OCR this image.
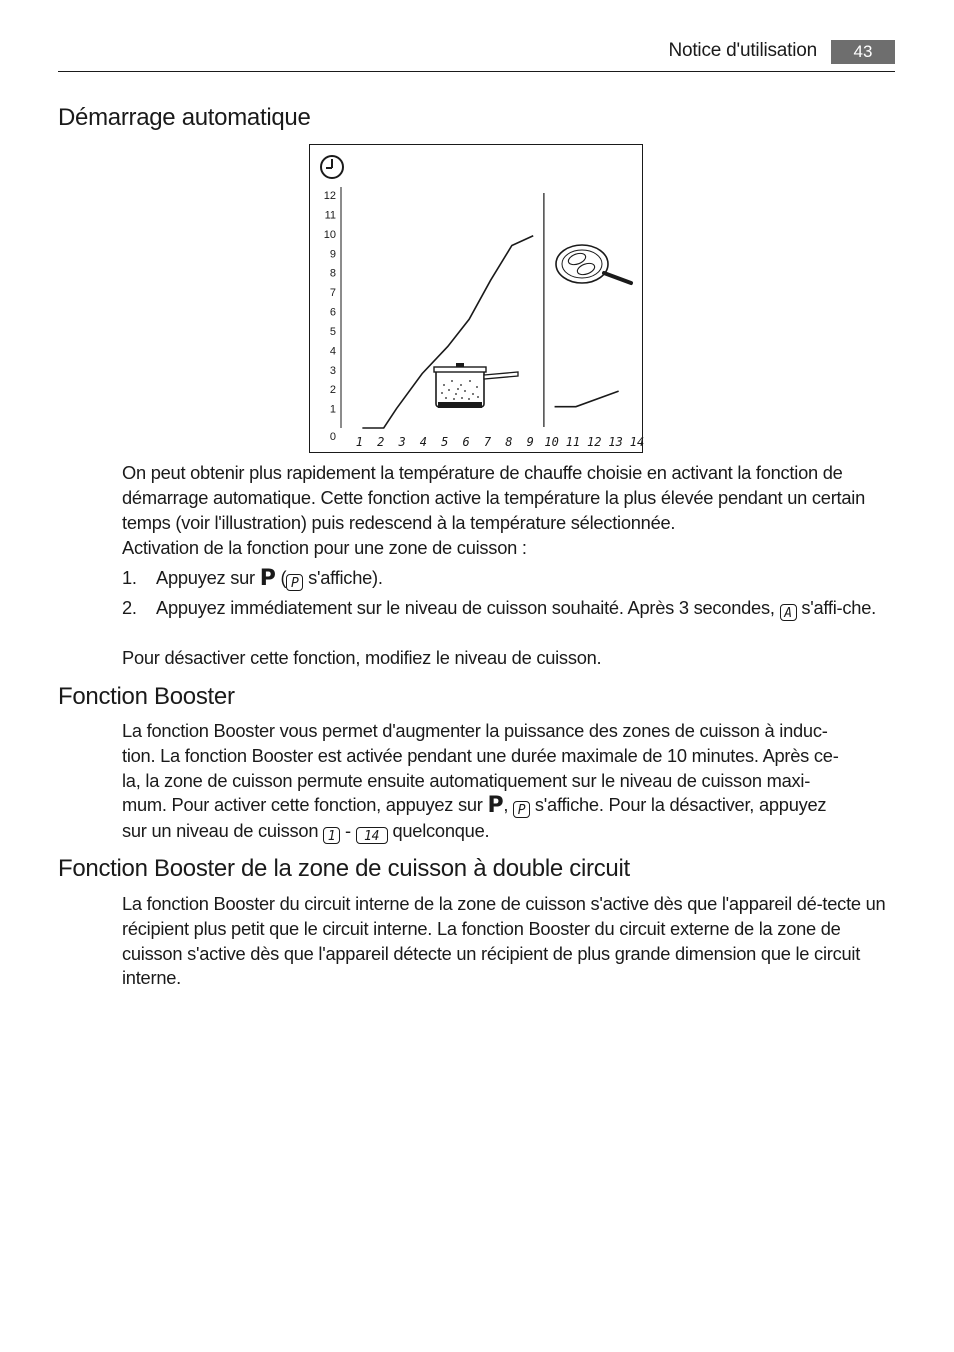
Notice d'utilisation	43
Démarrage automatique
0
1
2
3
4
5
6
7
8
9
10
11
12
1 2 3 4 5 6 7 8 9 10 11 12 13 14

On peut obtenir plus rapidement la température de chauffe choisie en activant la fonction de démarrage automatique. Cette fonction active la température la plus élevée pendant un certain temps (voir l'illustration) puis redescend à la température sélectionnée.

Activation de la fonction pour une zone de cuisson :

1. Appuyez sur P ( P s'affiche).
2. Appuyez immédiatement sur le niveau de cuisson souhaité. Après 3 secondes, A s'affi-che.

Pour désactiver cette fonction, modifiez le niveau de cuisson.

Fonction Booster
La fonction Booster vous permet d'augmenter la puissance des zones de cuisson à induc-
tion. La fonction Booster est activée pendant une durée maximale de 10 minutes. Après ce-
la, la zone de cuisson permute ensuite automatiquement sur le niveau de cuisson maxi-
mum. Pour activer cette fonction, appuyez sur P, P s'affiche. Pour la désactiver, appuyez
sur un niveau de cuisson 1 - 14 quelconque.
Fonction Booster de la zone de cuisson à double circuit

La fonction Booster du circuit interne de la zone de cuisson s'active dès que l'appareil dé-tecte un récipient plus petit que le circuit interne. La fonction Booster du circuit externe de la zone de cuisson s'active dès que l'appareil détecte un récipient de plus grande dimension que le circuit interne.
